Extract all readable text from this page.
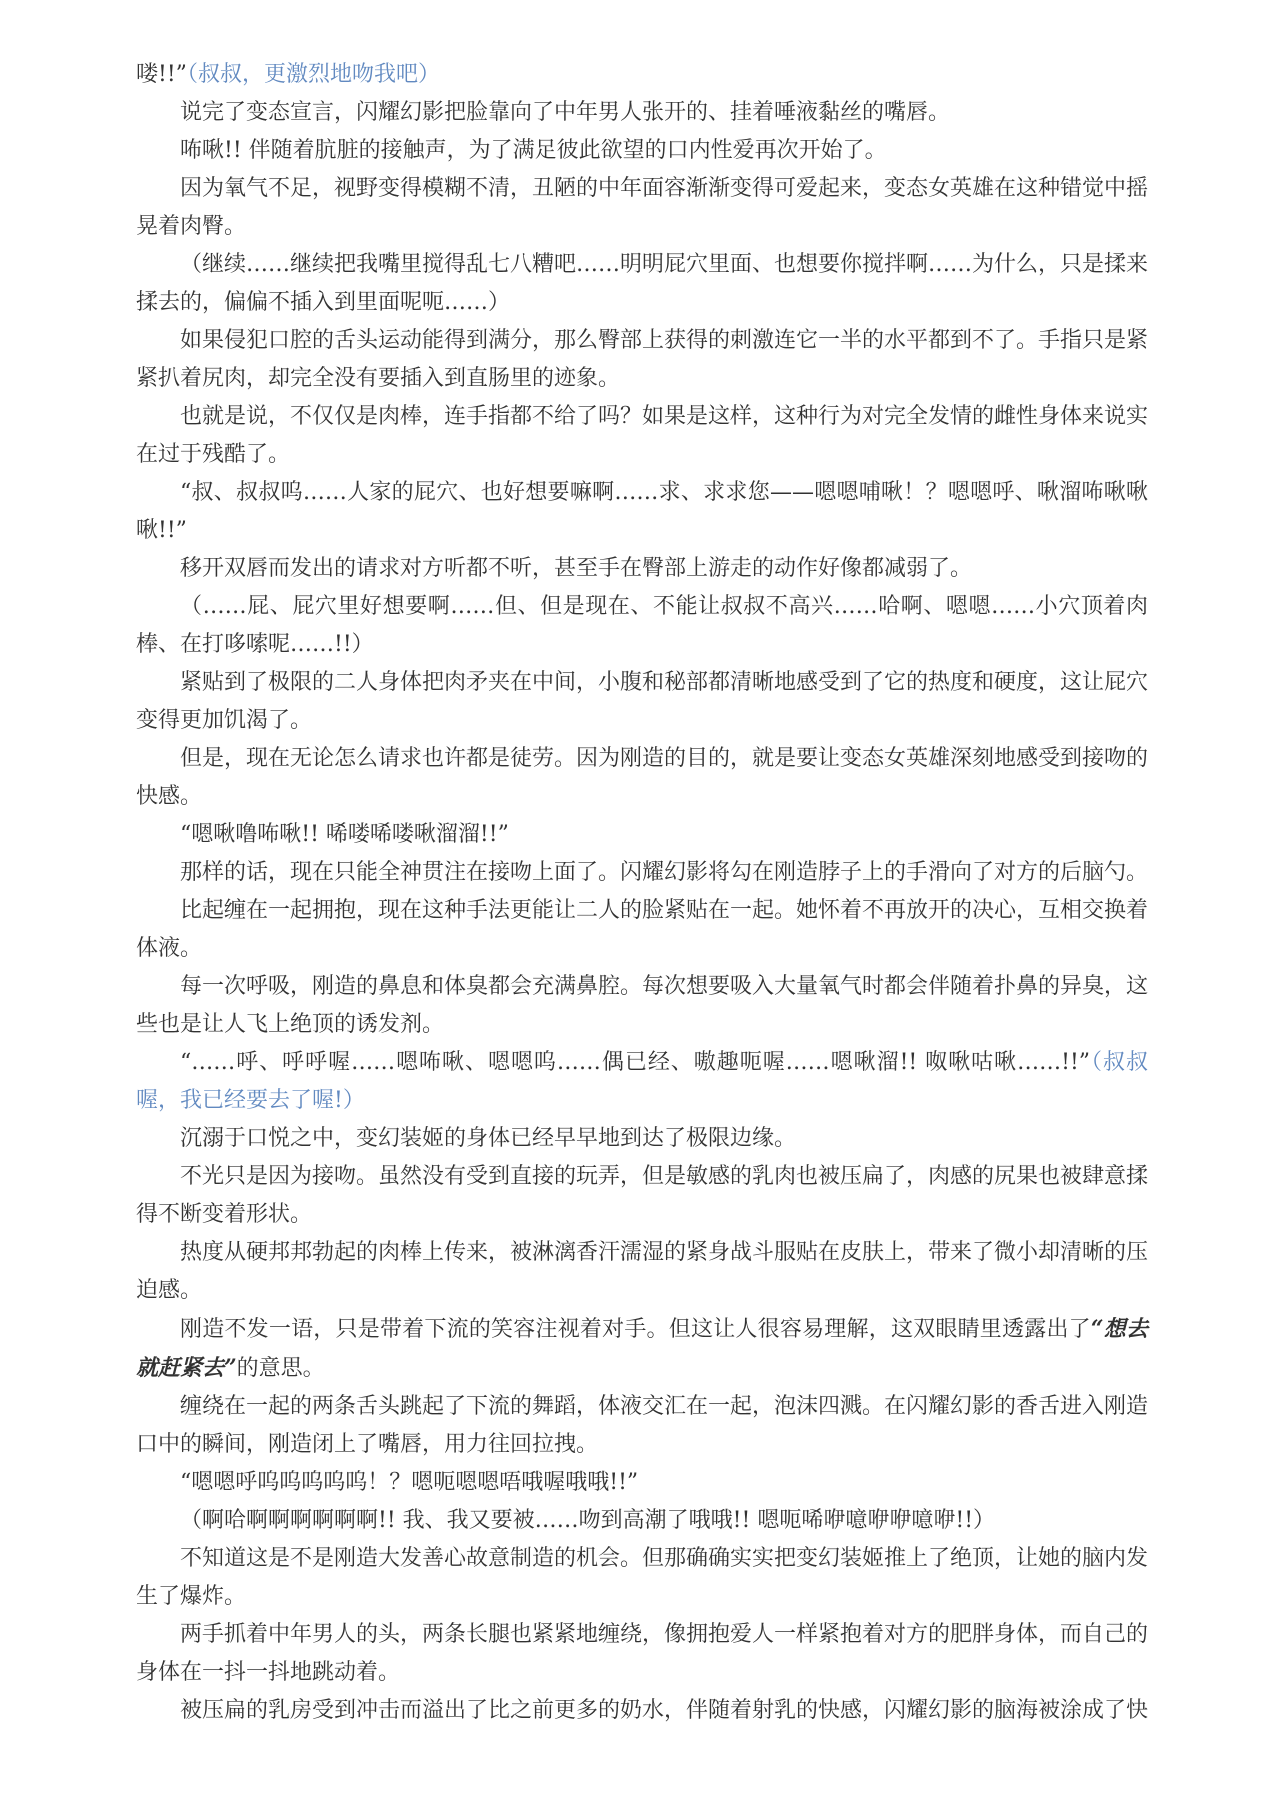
喽!!”（叔叔，更激烈地吻我吧）

说完了变态宣言，闪耀幻影把脸靠向了中年男人张开的、挂着唾液黏丝的嘴唇。

咘啾!! 伴随着肮脏的接触声，为了满足彼此欲望的口内性爱再次开始了。

因为氧气不足，视野变得模糊不清，丑陋的中年面容渐渐变得可爱起来，变态女英雄在这种错觉中摇晃着肉臀。

（继续……继续把我嘴里搅得乱七八糟吧……明明屁穴里面、也想要你搅拌啊……为什么，只是揉来揉去的，偏偏不插入到里面呢呃……）

如果侵犯口腔的舌头运动能得到满分，那么臀部上获得的刺激连它一半的水平都到不了。手指只是紧紧扒着尻肉，却完全没有要插入到直肠里的迹象。

也就是说，不仅仅是肉棒，连手指都不给了吗？如果是这样，这种行为对完全发情的雌性身体来说实在过于残酷了。

“叔、叔叔呜……人家的屁穴、也好想要嘛啊……求、求求您——嗯嗯哺啾！？嗯嗯呼、啾溜咘啾啾啾!!”

移开双唇而发出的请求对方听都不听，甚至手在臀部上游走的动作好像都减弱了。

（……屁、屁穴里好想要啊……但、但是现在、不能让叔叔不高兴……哈啊、嗯嗯……小穴顶着肉棒、在打哆嗦呢……!!）

紧贴到了极限的二人身体把肉矛夹在中间，小腹和秘部都清晰地感受到了它的热度和硬度，这让屁穴变得更加饥渴了。

但是，现在无论怎么请求也许都是徒劳。因为刚造的目的，就是要让变态女英雄深刻地感受到接吻的快感。

“嗯啾噜咘啾!! 唏喽唏喽啾溜溜!!”

那样的话，现在只能全神贯注在接吻上面了。闪耀幻影将勾在刚造脖子上的手滑向了对方的后脑勺。

比起缠在一起拥抱，现在这种手法更能让二人的脸紧贴在一起。她怀着不再放开的决心，互相交换着体液。

每一次呼吸，刚造的鼻息和体臭都会充满鼻腔。每次想要吸入大量氧气时都会伴随着扑鼻的异臭，这些也是让人飞上绝顶的诱发剂。

“……呼、呼呼喔……嗯咘啾、嗯嗯呜……偶已经、嗷趣呃喔……嗯啾溜!! 呶啾咕啾……!!”（叔叔喔，我已经要去了喔!）

沉溺于口悦之中，变幻装姬的身体已经早早地到达了极限边缘。

不光只是因为接吻。虽然没有受到直接的玩弄，但是敏感的乳肉也被压扁了，肉感的尻果也被肆意揉得不断变着形状。

热度从硬邦邦勃起的肉棒上传来，被淋漓香汗濡湿的紧身战斗服贴在皮肤上，带来了微小却清晰的压迫感。

刚造不发一语，只是带着下流的笑容注视着对手。但这让人很容易理解，这双眼睛里透露出了“想去就赶紧去”的意思。

缠绕在一起的两条舌头跳起了下流的舞蹈，体液交汇在一起，泡沫四溅。在闪耀幻影的香舌进入刚造口中的瞬间，刚造闭上了嘴唇，用力往回拉拽。

“嗯嗯呼呜呜呜呜呜！？嗯呃嗯嗯唔哦喔哦哦!!”

（啊哈啊啊啊啊啊啊!! 我、我又要被……吻到高潮了哦哦!! 嗯呃唏咿噫咿咿噫咿!!）

不知道这是不是刚造大发善心故意制造的机会。但那确确实实把变幻装姬推上了绝顶，让她的脑内发生了爆炸。

两手抓着中年男人的头，两条长腿也紧紧地缠绕，像拥抱爱人一样紧抱着对方的肥胖身体，而自己的身体在一抖一抖地跳动着。

被压扁的乳房受到冲击而溢出了比之前更多的奶水，伴随着射乳的快感，闪耀幻影的脑海被涂成了快
